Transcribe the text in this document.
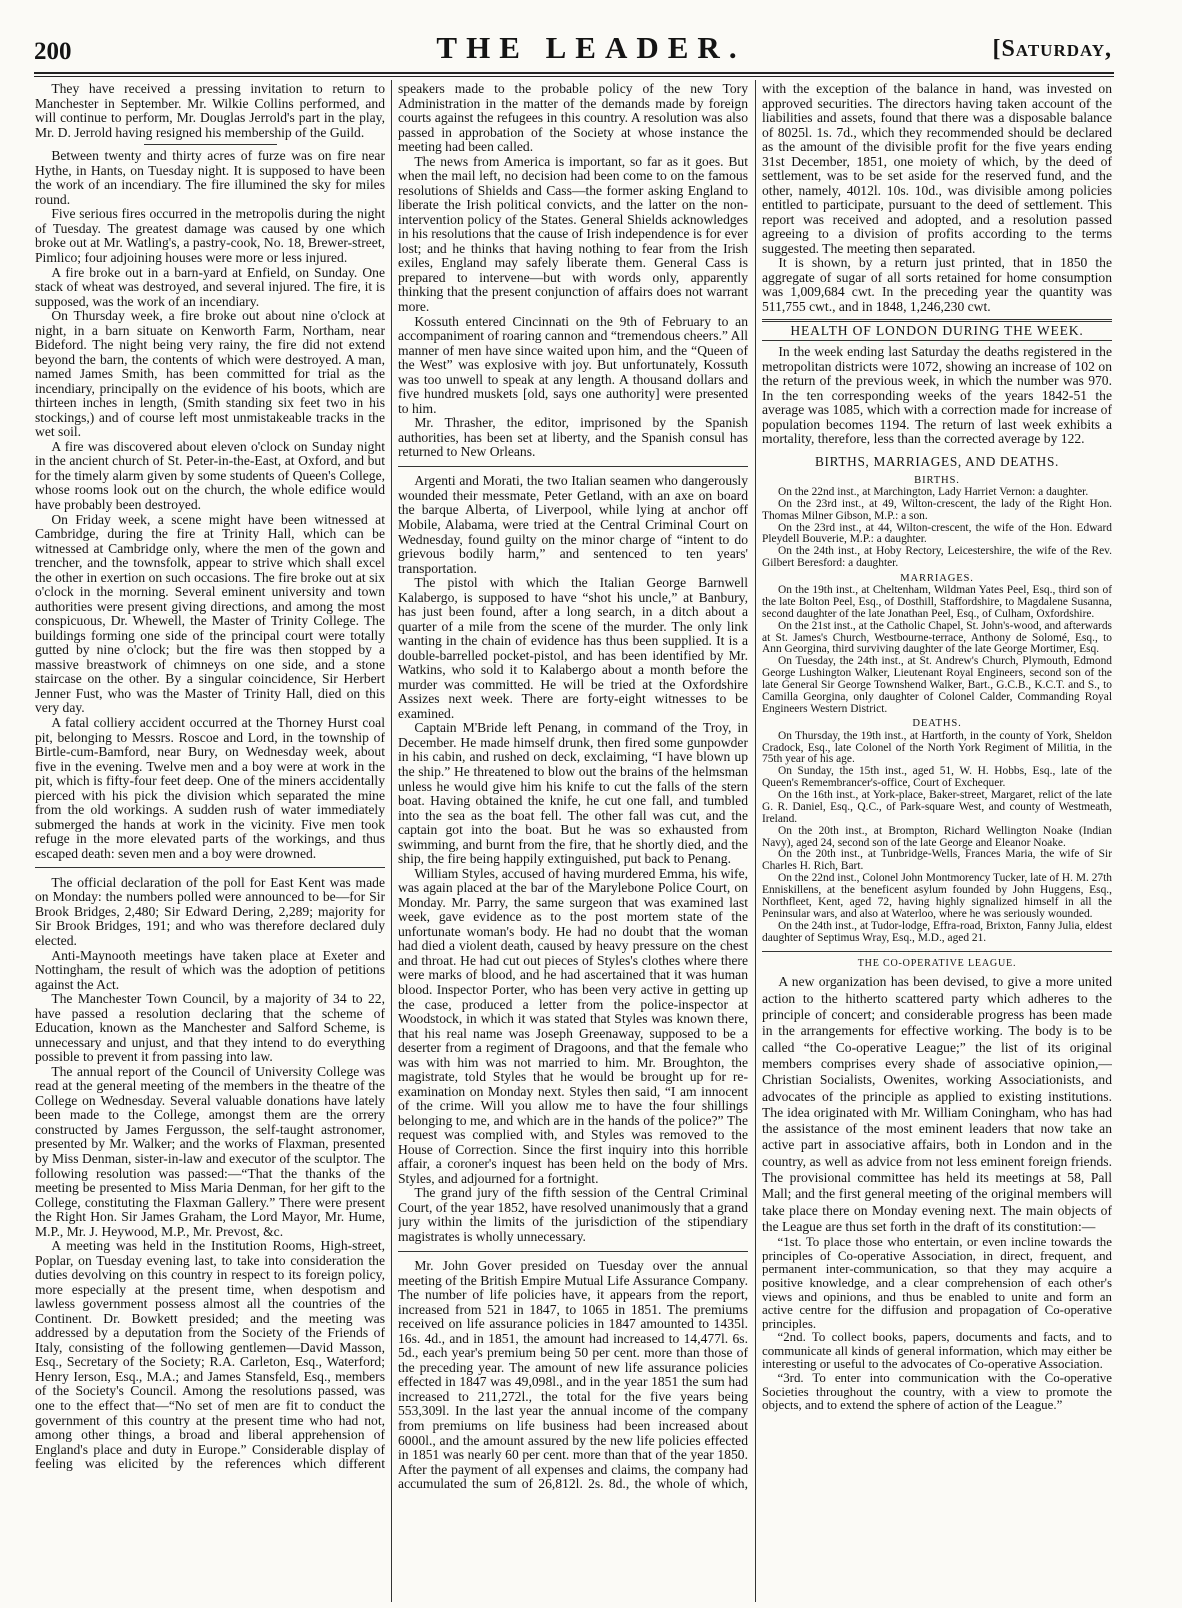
200	THE LEADER.	[Saturday,

They have received a pressing invitation to return to Manchester in September. Mr. Wilkie Collins performed, and will continue to perform, Mr. Douglas Jerrold's part in the play, Mr. D. Jerrold having resigned his membership of the Guild.

Between twenty and thirty acres of furze was on fire near Hythe, in Hants, on Tuesday night. It is supposed to have been the work of an incendiary. The fire illumined the sky for miles round.

Five serious fires occurred in the metropolis during the night of Tuesday. The greatest damage was caused by one which broke out at Mr. Watling's, a pastry-cook, No. 18, Brewer-street, Pimlico; four adjoining houses were more or less injured.

A fire broke out in a barn-yard at Enfield, on Sunday. One stack of wheat was destroyed, and several injured. The fire, it is supposed, was the work of an incendiary.

On Thursday week, a fire broke out about nine o'clock at night, in a barn situate on Kenworth Farm, Northam, near Bideford. The night being very rainy, the fire did not extend beyond the barn, the contents of which were destroyed. A man, named James Smith, has been committed for trial as the incendiary, principally on the evidence of his boots, which are thirteen inches in length, (Smith standing six feet two in his stockings,) and of course left most unmistakeable tracks in the wet soil.

A fire was discovered about eleven o'clock on Sunday night in the ancient church of St. Peter-in-the-East, at Oxford, and but for the timely alarm given by some students of Queen's College, whose rooms look out on the church, the whole edifice would have probably been destroyed.

On Friday week, a scene might have been witnessed at Cambridge, during the fire at Trinity Hall, which can be witnessed at Cambridge only, where the men of the gown and trencher, and the townsfolk, appear to strive which shall excel the other in exertion on such occasions. The fire broke out at six o'clock in the morning. Several eminent university and town authorities were present giving directions, and among the most conspicuous, Dr. Whewell, the Master of Trinity College. The buildings forming one side of the principal court were totally gutted by nine o'clock; but the fire was then stopped by a massive breastwork of chimneys on one side, and a stone staircase on the other. By a singular coincidence, Sir Herbert Jenner Fust, who was the Master of Trinity Hall, died on this very day.

A fatal colliery accident occurred at the Thorney Hurst coal pit, belonging to Messrs. Roscoe and Lord, in the township of Birtle-cum-Bamford, near Bury, on Wednesday week, about five in the evening. Twelve men and a boy were at work in the pit, which is fifty-four feet deep. One of the miners accidentally pierced with his pick the division which separated the mine from the old workings. A sudden rush of water immediately submerged the hands at work in the vicinity. Five men took refuge in the more elevated parts of the workings, and thus escaped death: seven men and a boy were drowned.

The official declaration of the poll for East Kent was made on Monday: the numbers polled were announced to be—for Sir Brook Bridges, 2,480; Sir Edward Dering, 2,289; majority for Sir Brook Bridges, 191; and who was therefore declared duly elected.

Anti-Maynooth meetings have taken place at Exeter and Nottingham, the result of which was the adoption of petitions against the Act.

The Manchester Town Council, by a majority of 34 to 22, have passed a resolution declaring that the scheme of Education, known as the Manchester and Salford Scheme, is unnecessary and unjust, and that they intend to do everything possible to prevent it from passing into law.

The annual report of the Council of University College was read at the general meeting of the members in the theatre of the College on Wednesday. Several valuable donations have lately been made to the College, amongst them are the orrery constructed by James Fergusson, the self-taught astronomer, presented by Mr. Walker; and the works of Flaxman, presented by Miss Denman, sister-in-law and executor of the sculptor. The following resolution was passed:—“That the thanks of the meeting be presented to Miss Maria Denman, for her gift to the College, constituting the Flaxman Gallery.” There were present the Right Hon. Sir James Graham, the Lord Mayor, Mr. Hume, M.P., Mr. J. Heywood, M.P., Mr. Prevost, &c.

A meeting was held in the Institution Rooms, High-street, Poplar, on Tuesday evening last, to take into consideration the duties devolving on this country in respect to its foreign policy, more especially at the present time, when despotism and lawless government possess almost all the countries of the Continent. Dr. Bowkett presided; and the meeting was addressed by a deputation from the Society of the Friends of Italy, consisting of the following gentlemen—David Masson, Esq., Secretary of the Society; R.A. Carleton, Esq., Waterford; Henry Ierson, Esq., M.A.; and James Stansfeld, Esq., members of the Society's Council. Among the resolutions passed, was one to the effect that—“No set of men are fit to conduct the government of this country at the present time who had not, among other things, a broad and liberal apprehension of England's place and duty in Europe.” Considerable display of feeling was elicited by the references which different

speakers made to the probable policy of the new Tory Administration in the matter of the demands made by foreign courts against the refugees in this country. A resolution was also passed in approbation of the Society at whose instance the meeting had been called.

The news from America is important, so far as it goes. But when the mail left, no decision had been come to on the famous resolutions of Shields and Cass—the former asking England to liberate the Irish political convicts, and the latter on the non-intervention policy of the States. General Shields acknowledges in his resolutions that the cause of Irish independence is for ever lost; and he thinks that having nothing to fear from the Irish exiles, England may safely liberate them. General Cass is prepared to intervene—but with words only, apparently thinking that the present conjunction of affairs does not warrant more.

Kossuth entered Cincinnati on the 9th of February to an accompaniment of roaring cannon and “tremendous cheers.” All manner of men have since waited upon him, and the “Queen of the West” was explosive with joy. But unfortunately, Kossuth was too unwell to speak at any length. A thousand dollars and five hundred muskets [old, says one authority] were presented to him.

Mr. Thrasher, the editor, imprisoned by the Spanish authorities, has been set at liberty, and the Spanish consul has returned to New Orleans.

Argenti and Morati, the two Italian seamen who dangerously wounded their messmate, Peter Getland, with an axe on board the barque Alberta, of Liverpool, while lying at anchor off Mobile, Alabama, were tried at the Central Criminal Court on Wednesday, found guilty on the minor charge of “intent to do grievous bodily harm,” and sentenced to ten years' transportation.

The pistol with which the Italian George Barnwell Kalabergo, is supposed to have “shot his uncle,” at Banbury, has just been found, after a long search, in a ditch about a quarter of a mile from the scene of the murder. The only link wanting in the chain of evidence has thus been supplied. It is a double-barrelled pocket-pistol, and has been identified by Mr. Watkins, who sold it to Kalabergo about a month before the murder was committed. He will be tried at the Oxfordshire Assizes next week. There are forty-eight witnesses to be examined.

Captain M'Bride left Penang, in command of the Troy, in December. He made himself drunk, then fired some gunpowder in his cabin, and rushed on deck, exclaiming, “I have blown up the ship.” He threatened to blow out the brains of the helmsman unless he would give him his knife to cut the falls of the stern boat. Having obtained the knife, he cut one fall, and tumbled into the sea as the boat fell. The other fall was cut, and the captain got into the boat. But he was so exhausted from swimming, and burnt from the fire, that he shortly died, and the ship, the fire being happily extinguished, put back to Penang.

William Styles, accused of having murdered Emma, his wife, was again placed at the bar of the Marylebone Police Court, on Monday. Mr. Parry, the same surgeon that was examined last week, gave evidence as to the post mortem state of the unfortunate woman's body. He had no doubt that the woman had died a violent death, caused by heavy pressure on the chest and throat. He had cut out pieces of Styles's clothes where there were marks of blood, and he had ascertained that it was human blood. Inspector Porter, who has been very active in getting up the case, produced a letter from the police-inspector at Woodstock, in which it was stated that Styles was known there, that his real name was Joseph Greenaway, supposed to be a deserter from a regiment of Dragoons, and that the female who was with him was not married to him. Mr. Broughton, the magistrate, told Styles that he would be brought up for re-examination on Monday next. Styles then said, “I am innocent of the crime. Will you allow me to have the four shillings belonging to me, and which are in the hands of the police?” The request was complied with, and Styles was removed to the House of Correction. Since the first inquiry into this horrible affair, a coroner's inquest has been held on the body of Mrs. Styles, and adjourned for a fortnight.

The grand jury of the fifth session of the Central Criminal Court, of the year 1852, have resolved unanimously that a grand jury within the limits of the jurisdiction of the stipendiary magistrates is wholly unnecessary.

Mr. John Gover presided on Tuesday over the annual meeting of the British Empire Mutual Life Assurance Company. The number of life policies have, it appears from the report, increased from 521 in 1847, to 1065 in 1851. The premiums received on life assurance policies in 1847 amounted to 1435l. 16s. 4d., and in 1851, the amount had increased to 14,477l. 6s. 5d., each year's premium being 50 per cent. more than those of the preceding year. The amount of new life assurance policies effected in 1847 was 49,098l., and in the year 1851 the sum had increased to 211,272l., the total for the five years being 553,309l. In the last year the annual income of the company from premiums on life business had been increased about 6000l., and the amount assured by the new life policies effected in 1851 was nearly 60 per cent. more than that of the year 1850. After the payment of all expenses and claims, the company had accumulated the sum of 26,812l. 2s. 8d., the whole of which,

with the exception of the balance in hand, was invested on approved securities. The directors having taken account of the liabilities and assets, found that there was a disposable balance of 8025l. 1s. 7d., which they recommended should be declared as the amount of the divisible profit for the five years ending 31st December, 1851, one moiety of which, by the deed of settlement, was to be set aside for the reserved fund, and the other, namely, 4012l. 10s. 10d., was divisible among policies entitled to participate, pursuant to the deed of settlement. This report was received and adopted, and a resolution passed agreeing to a division of profits according to the terms suggested. The meeting then separated.

It is shown, by a return just printed, that in 1850 the aggregate of sugar of all sorts retained for home consumption was 1,009,684 cwt. In the preceding year the quantity was 511,755 cwt., and in 1848, 1,246,230 cwt.

HEALTH OF LONDON DURING THE WEEK.

In the week ending last Saturday the deaths registered in the metropolitan districts were 1072, showing an increase of 102 on the return of the previous week, in which the number was 970. In the ten corresponding weeks of the years 1842-51 the average was 1085, which with a correction made for increase of population becomes 1194. The return of last week exhibits a mortality, therefore, less than the corrected average by 122.

BIRTHS, MARRIAGES, AND DEATHS.
BIRTHS.

On the 22nd inst., at Marchington, Lady Harriet Vernon: a daughter.

On the 23rd inst., at 49, Wilton-crescent, the lady of the Right Hon. Thomas Milner Gibson, M.P.: a son.

On the 23rd inst., at 44, Wilton-crescent, the wife of the Hon. Edward Pleydell Bouverie, M.P.: a daughter.

On the 24th inst., at Hoby Rectory, Leicestershire, the wife of the Rev. Gilbert Beresford: a daughter.

MARRIAGES.

On the 19th inst., at Cheltenham, Wildman Yates Peel, Esq., third son of the late Bolton Peel, Esq., of Dosthill, Staffordshire, to Magdalene Susanna, second daughter of the late Jonathan Peel, Esq., of Culham, Oxfordshire.

On the 21st inst., at the Catholic Chapel, St. John's-wood, and afterwards at St. James's Church, Westbourne-terrace, Anthony de Solomé, Esq., to Ann Georgina, third surviving daughter of the late George Mortimer, Esq.

On Tuesday, the 24th inst., at St. Andrew's Church, Plymouth, Edmond George Lushington Walker, Lieutenant Royal Engineers, second son of the late General Sir George Townshend Walker, Bart., G.C.B., K.C.T. and S., to Camilla Georgina, only daughter of Colonel Calder, Commanding Royal Engineers Western District.

DEATHS.

On Thursday, the 19th inst., at Hartforth, in the county of York, Sheldon Cradock, Esq., late Colonel of the North York Regiment of Militia, in the 75th year of his age.

On Sunday, the 15th inst., aged 51, W. H. Hobbs, Esq., late of the Queen's Remembrancer's-office, Court of Exchequer.

On the 16th inst., at York-place, Baker-street, Margaret, relict of the late G. R. Daniel, Esq., Q.C., of Park-square West, and county of Westmeath, Ireland.

On the 20th inst., at Brompton, Richard Wellington Noake (Indian Navy), aged 24, second son of the late George and Eleanor Noake.

On the 20th inst., at Tunbridge-Wells, Frances Maria, the wife of Sir Charles H. Rich, Bart.

On the 22nd inst., Colonel John Montmorency Tucker, late of H. M. 27th Enniskillens, at the beneficent asylum founded by John Huggens, Esq., Northfleet, Kent, aged 72, having highly signalized himself in all the Peninsular wars, and also at Waterloo, where he was seriously wounded.

On the 24th inst., at Tudor-lodge, Effra-road, Brixton, Fanny Julia, eldest daughter of Septimus Wray, Esq., M.D., aged 21.

THE CO-OPERATIVE LEAGUE.

A new organization has been devised, to give a more united action to the hitherto scattered party which adheres to the principle of concert; and considerable progress has been made in the arrangements for effective working. The body is to be called “the Co-operative League;” the list of its original members comprises every shade of associative opinion,—Christian Socialists, Owenites, working Associationists, and advocates of the principle as applied to existing institutions. The idea originated with Mr. William Coningham, who has had the assistance of the most eminent leaders that now take an active part in associative affairs, both in London and in the country, as well as advice from not less eminent foreign friends. The provisional committee has held its meetings at 58, Pall Mall; and the first general meeting of the original members will take place there on Monday evening next. The main objects of the League are thus set forth in the draft of its constitution:—

“1st. To place those who entertain, or even incline towards the principles of Co-operative Association, in direct, frequent, and permanent inter-communication, so that they may acquire a positive knowledge, and a clear comprehension of each other's views and opinions, and thus be enabled to unite and form an active centre for the diffusion and propagation of Co-operative principles.

“2nd. To collect books, papers, documents and facts, and to communicate all kinds of general information, which may either be interesting or useful to the advocates of Co-operative Association.

“3rd. To enter into communication with the Co-operative Societies throughout the country, with a view to promote the objects, and to extend the sphere of action of the League.”
